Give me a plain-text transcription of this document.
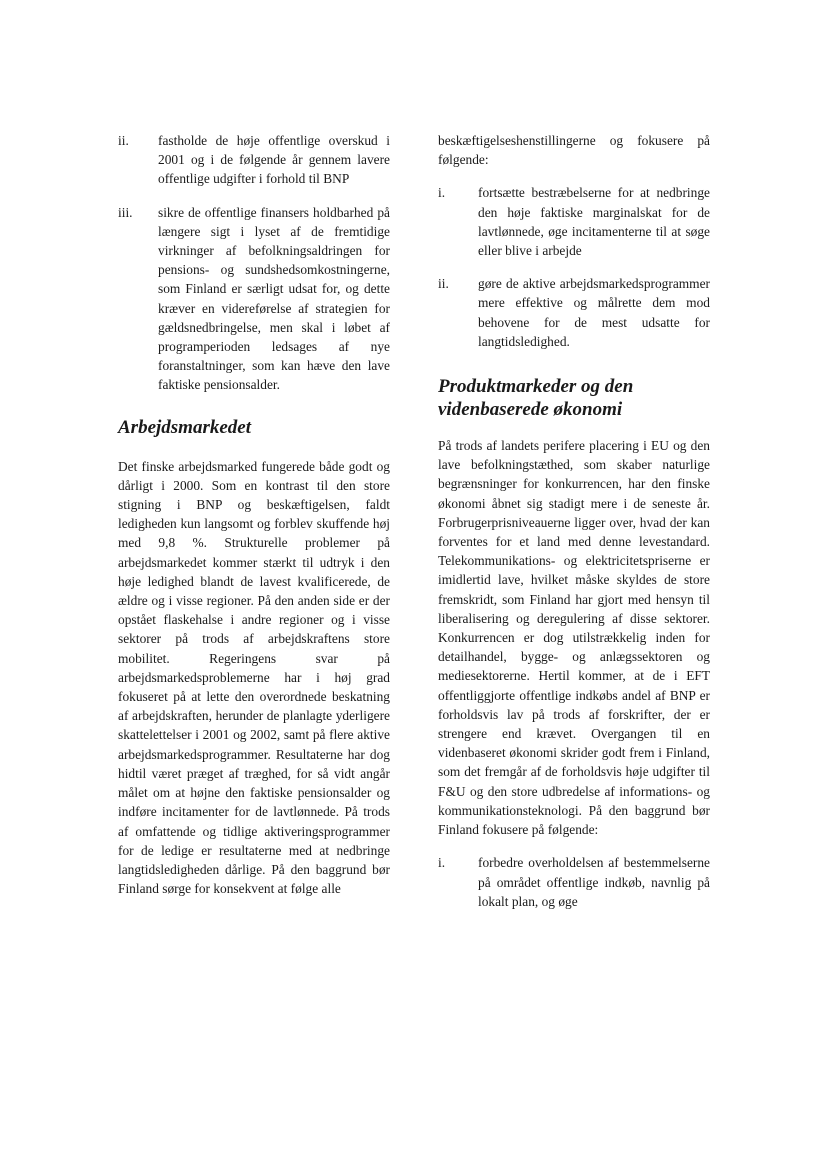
ii.	fastholde de høje offentlige overskud i 2001 og i de følgende år gennem lavere offentlige udgifter i forhold til BNP
iii.	sikre de offentlige finansers holdbarhed på længere sigt i lyset af de fremtidige virkninger af befolkningsaldringen for pensions- og sundshedsomkostningerne, som Finland er særligt udsat for, og dette kræver en videreførelse af strategien for gældsnedbringelse, men skal i løbet af programperioden ledsages af nye foranstaltninger, som kan hæve den lave faktiske pensionsalder.
Arbejdsmarkedet

Det finske arbejdsmarked fungerede både godt og dårligt i 2000. Som en kontrast til den store stigning i BNP og beskæftigelsen, faldt ledigheden kun langsomt og forblev skuffende høj med 9,8 %. Strukturelle problemer på arbejdsmarkedet kommer stærkt til udtryk i den høje ledighed blandt de lavest kvalificerede, de ældre og i visse regioner. På den anden side er der opstået flaskehalse i andre regioner og i visse sektorer på trods af arbejdskraftens store mobilitet. Regeringens svar på arbejdsmarkedsproblemerne har i høj grad fokuseret på at lette den overordnede beskatning af arbejdskraften, herunder de planlagte yderligere skattelettelser i 2001 og 2002, samt på flere aktive arbejdsmarkedsprogrammer. Resultaterne har dog hidtil været præget af træghed, for så vidt angår målet om at højne den faktiske pensionsalder og indføre incitamenter for de lavtlønnede. På trods af omfattende og tidlige aktiveringsprogrammer for de ledige er resultaterne med at nedbringe langtidsledigheden dårlige. På den baggrund bør Finland sørge for konsekvent at følge alle

beskæftigelseshenstillingerne og fokusere på følgende:

i.	fortsætte bestræbelserne for at nedbringe den høje faktiske marginalskat for de lavtlønnede, øge incitamenterne til at søge eller blive i arbejde
ii.	gøre de aktive arbejdsmarkedsprogrammer mere effektive og målrette dem mod behovene for de mest udsatte for langtidsledighed.
Produktmarkeder og den videnbaserede økonomi

På trods af landets perifere placering i EU og den lave befolkningstæthed, som skaber naturlige begrænsninger for konkurrencen, har den finske økonomi åbnet sig stadigt mere i de seneste år. Forbrugerprisniveauerne ligger over, hvad der kan forventes for et land med denne levestandard. Telekommunikations- og elektricitetspriserne er imidlertid lave, hvilket måske skyldes de store fremskridt, som Finland har gjort med hensyn til liberalisering og deregulering af disse sektorer. Konkurrencen er dog utilstrækkelig inden for detailhandel, bygge- og anlægssektoren og mediesektorerne. Hertil kommer, at de i EFT offentliggjorte offentlige indkøbs andel af BNP er forholdsvis lav på trods af forskrifter, der er strengere end krævet. Overgangen til en videnbaseret økonomi skrider godt frem i Finland, som det fremgår af de forholdsvis høje udgifter til F&U og den store udbredelse af informations- og kommunikationsteknologi. På den baggrund bør Finland fokusere på følgende:

i.	forbedre overholdelsen af bestemmelserne på området offentlige indkøb, navnlig på lokalt plan, og øge
